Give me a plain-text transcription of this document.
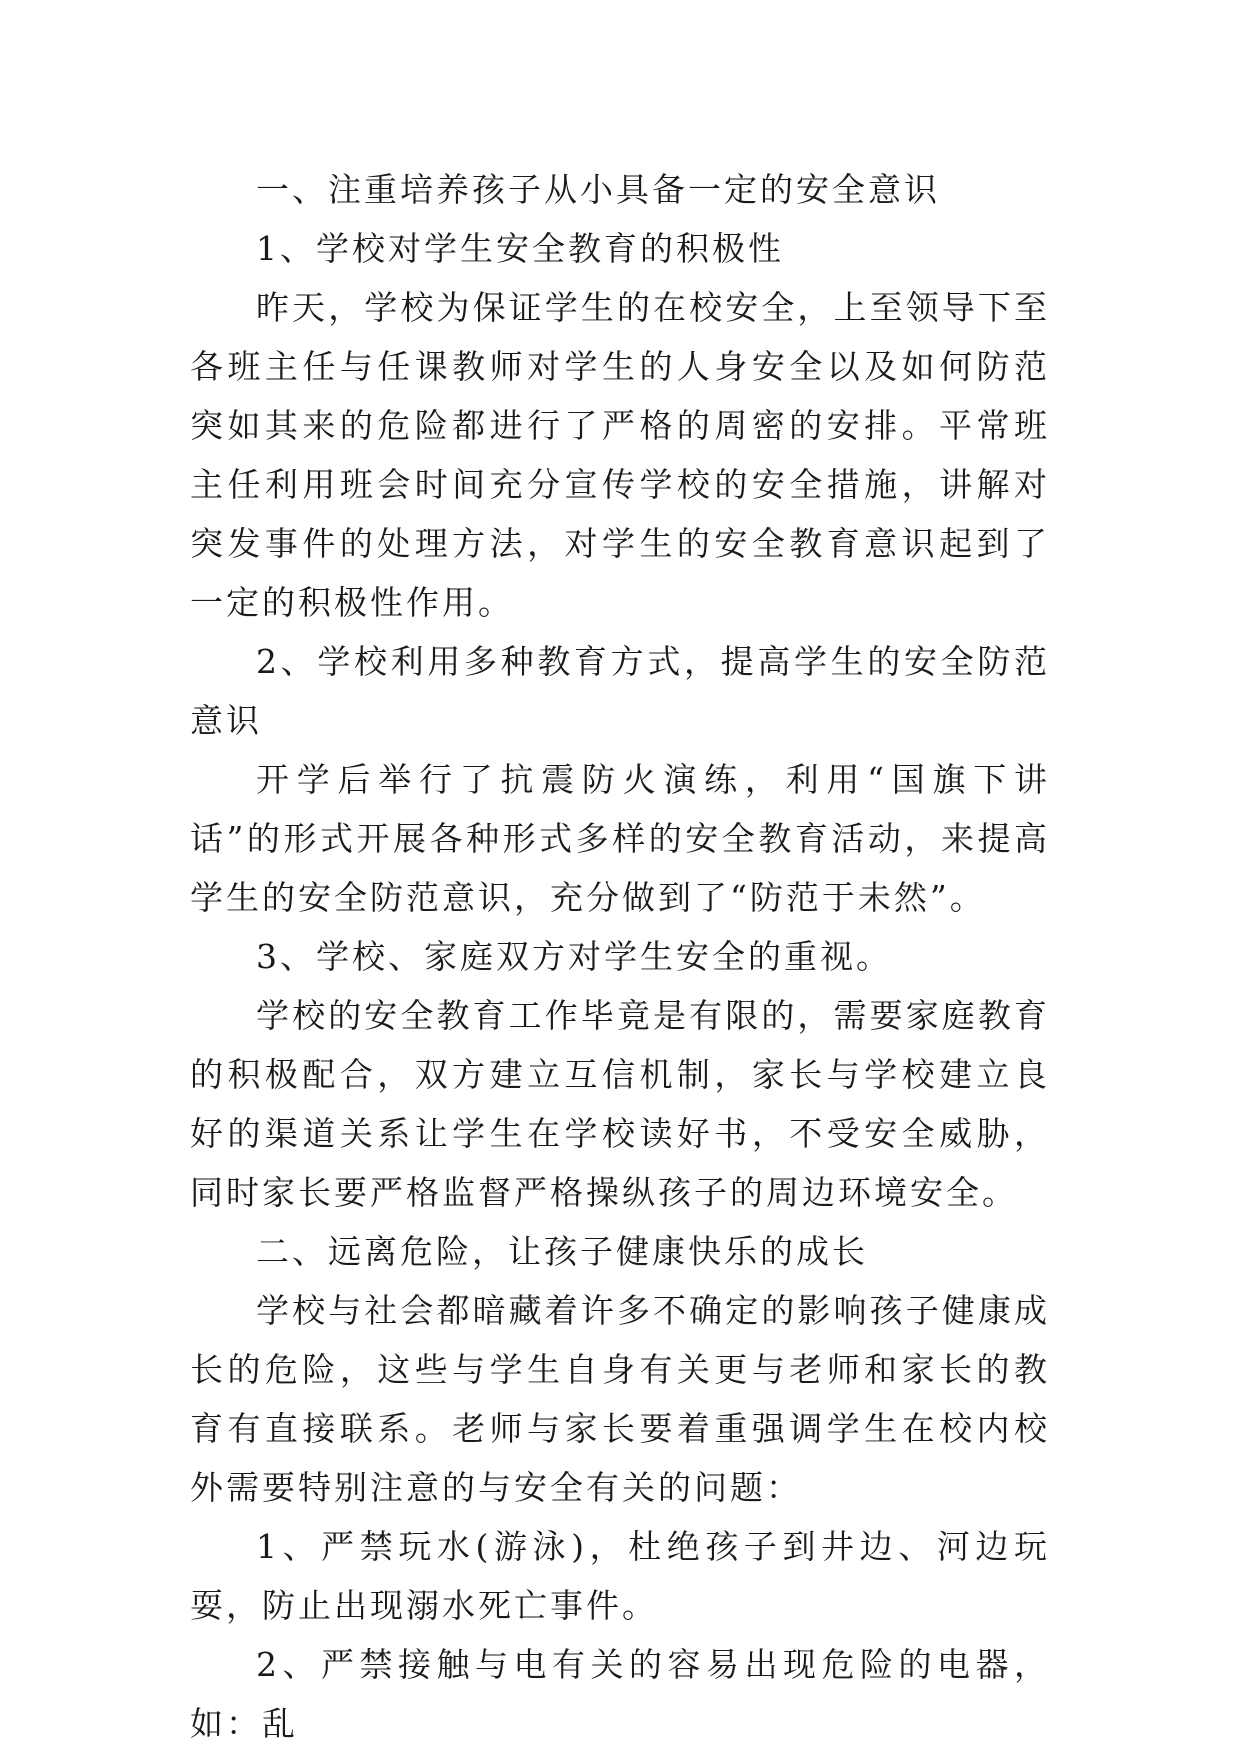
一、注重培养孩子从小具备一定的安全意识

1、学校对学生安全教育的积极性

昨天，学校为保证学生的在校安全，上至领导下至各班主任与任课教师对学生的人身安全以及如何防范突如其来的危险都进行了严格的周密的安排。平常班主任利用班会时间充分宣传学校的安全措施，讲解对突发事件的处理方法，对学生的安全教育意识起到了一定的积极性作用。

2、学校利用多种教育方式，提高学生的安全防范意识

开学后举行了抗震防火演练，利用“国旗下讲话”的形式开展各种形式多样的安全教育活动，来提高学生的安全防范意识，充分做到了“防范于未然”。

3、学校、家庭双方对学生安全的重视。

学校的安全教育工作毕竟是有限的，需要家庭教育的积极配合，双方建立互信机制，家长与学校建立良好的渠道关系让学生在学校读好书，不受安全威胁，同时家长要严格监督严格操纵孩子的周边环境安全。

二、远离危险，让孩子健康快乐的成长

学校与社会都暗藏着许多不确定的影响孩子健康成长的危险，这些与学生自身有关更与老师和家长的教育有直接联系。老师与家长要着重强调学生在校内校外需要特别注意的与安全有关的问题：

1、严禁玩水(游泳)，杜绝孩子到井边、河边玩耍，防止出现溺水死亡事件。

2、严禁接触与电有关的容易出现危险的电器，如：乱
